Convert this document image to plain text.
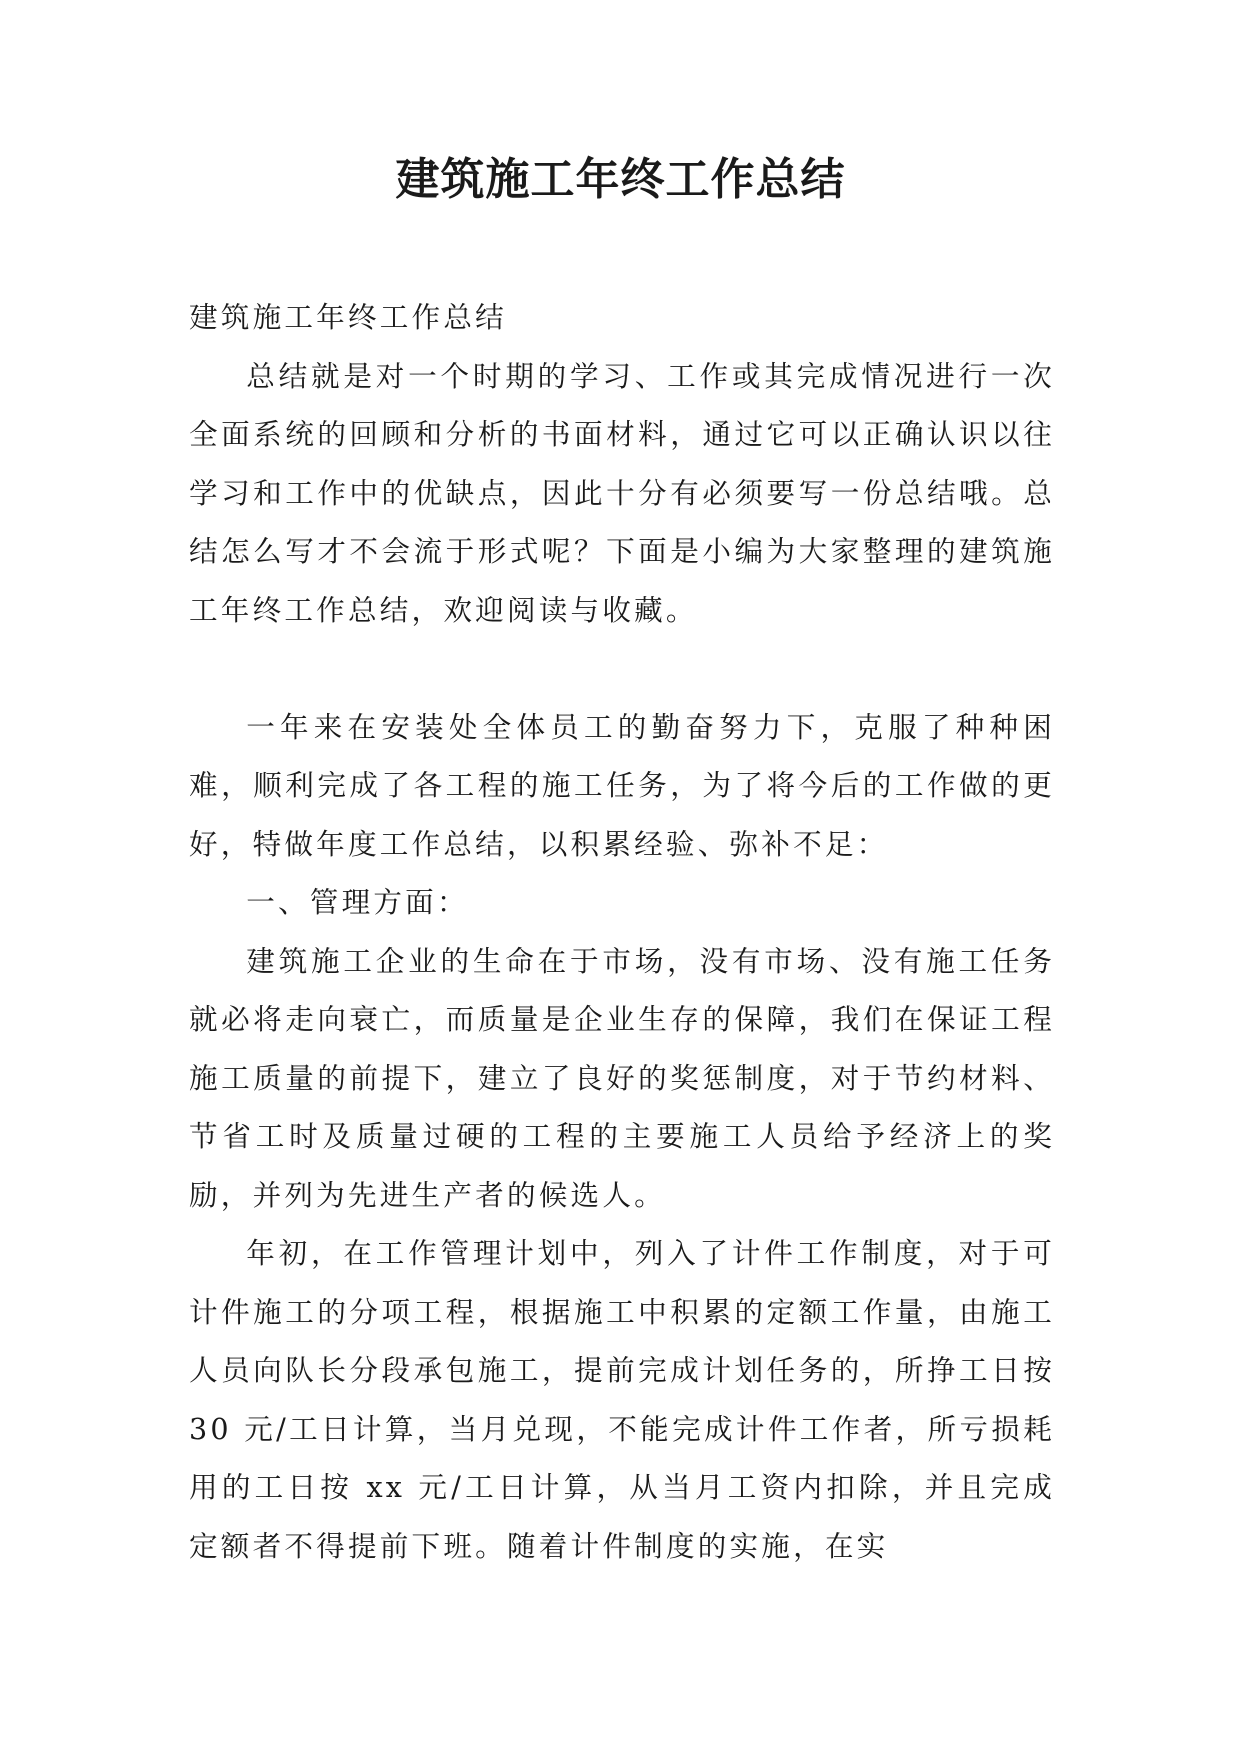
建筑施工年终工作总结

建筑施工年终工作总结

总结就是对一个时期的学习、工作或其完成情况进行一次全面系统的回顾和分析的书面材料，通过它可以正确认识以往学习和工作中的优缺点，因此十分有必须要写一份总结哦。总结怎么写才不会流于形式呢？下面是小编为大家整理的建筑施工年终工作总结，欢迎阅读与收藏。

一年来在安装处全体员工的勤奋努力下，克服了种种困难，顺利完成了各工程的施工任务，为了将今后的工作做的更好，特做年度工作总结，以积累经验、弥补不足：

一、管理方面：

建筑施工企业的生命在于市场，没有市场、没有施工任务就必将走向衰亡，而质量是企业生存的保障，我们在保证工程施工质量的前提下，建立了良好的奖惩制度，对于节约材料、节省工时及质量过硬的工程的主要施工人员给予经济上的奖励，并列为先进生产者的候选人。

年初，在工作管理计划中，列入了计件工作制度，对于可计件施工的分项工程，根据施工中积累的定额工作量，由施工人员向队长分段承包施工，提前完成计划任务的，所挣工日按 30 元/工日计算，当月兑现，不能完成计件工作者，所亏损耗用的工日按 xx 元/工日计算，从当月工资内扣除，并且完成定额者不得提前下班。随着计件制度的实施，在实
